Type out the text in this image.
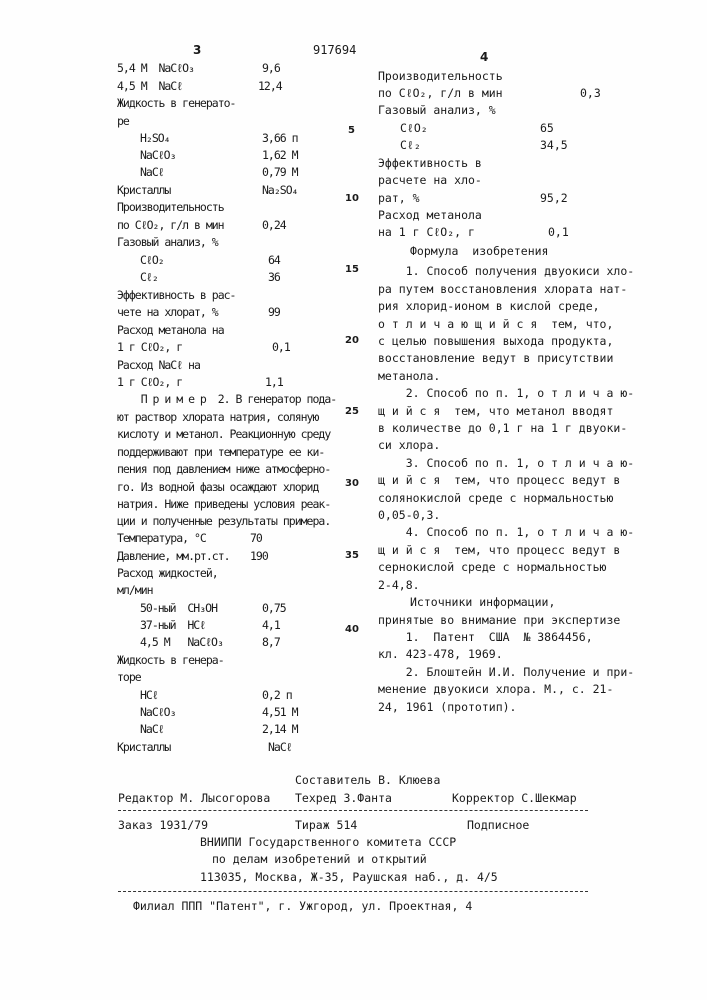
3	917694	4
5,4 М  NaCℓO₃	9,6
4,5 М  NaCℓ	12,4
Жидкость в генерато-
ре
H₂SO₄	3,66 п
NaCℓO₃	1,62 М
NaCℓ	0,79 М
Кристаллы	Na₂SO₄
Производительность
по CℓO₂, г/л в мин	0,24
Газовый анализ, %
CℓO₂	64
Cℓ₂	36
Эффективность в рас-
чете на хлорат, %	99
Расход метанола на
1 г CℓO₂, г	0,1
Расход NaCℓ на
1 г CℓO₂, г	1,1
П р и м е р  2. В генератор пода-
ют раствор хлората натрия, соляную
кислоту и метанол. Реакционную среду
поддерживают при температуре ее ки-
пения под давлением ниже атмосферно-
го. Из водной фазы осаждают хлорид
натрия. Ниже приведены условия реак-
ции и полученные результаты примера.
Температура, °C	70
Давление, мм.рт.ст. 190
Расход жидкостей,
мл/мин
50-ный  CH₃OH	0,75
37-ный  HCℓ	4,1
4,5 М   NaCℓO₃	8,7
Жидкость в генера-
торе
HCℓ	0,2 п
NaCℓO₃	4,51 М
NaCℓ	2,14 М
Кристаллы	NaCℓ
5
10
15
20
25
30
35
40
Производительность
по CℓO₂, г/л в мин	0,3
Газовый анализ, %
CℓO₂	65
Cℓ₂	34,5
Эффективность в
расчете на хло-
рат, %	95,2
Расход метанола
на 1 г CℓO₂, г	0,1
Формула  изобретения
1. Способ получения двуокиси хло-
ра путем восстановления хлората нат-
рия хлорид-ионом в кислой среде,
о т л и ч а ю щ и й с я  тем, что,
с целью повышения выхода продукта,
восстановление ведут в присутствии
метанола.
2. Способ по п. 1, о т л и ч а ю-
щ и й с я  тем, что метанол вводят
в количестве до 0,1 г на 1 г двуоки-
си хлора.
3. Способ по п. 1, о т л и ч а ю-
щ и й с я  тем, что процесс ведут в
солянокислой среде с нормальностью
0,05-0,3.
4. Способ по п. 1, о т л и ч а ю-
щ и й с я  тем, что процесс ведут в
сернокислой среде с нормальностью
2-4,8.
Источники информации,
принятые во внимание при экспертизе
1.  Патент  США  № 3864456,
кл. 423-478, 1969.
2. Блоштейн И.И. Получение и при-
менение двуокиси хлора. М., с. 21-
24, 1961 (прототип).
Составитель В. Клюева
Редактор М. Лысогорова Техред З.Фанта	Корректор С.Шекмар
Заказ 1931/79	Тираж 514	Подписное
ВНИИПИ Государственного комитета СССР
по делам изобретений и открытий
113035, Москва, Ж-35, Раушская наб., д. 4/5
Филиал ППП "Патент", г. Ужгород, ул. Проектная, 4
